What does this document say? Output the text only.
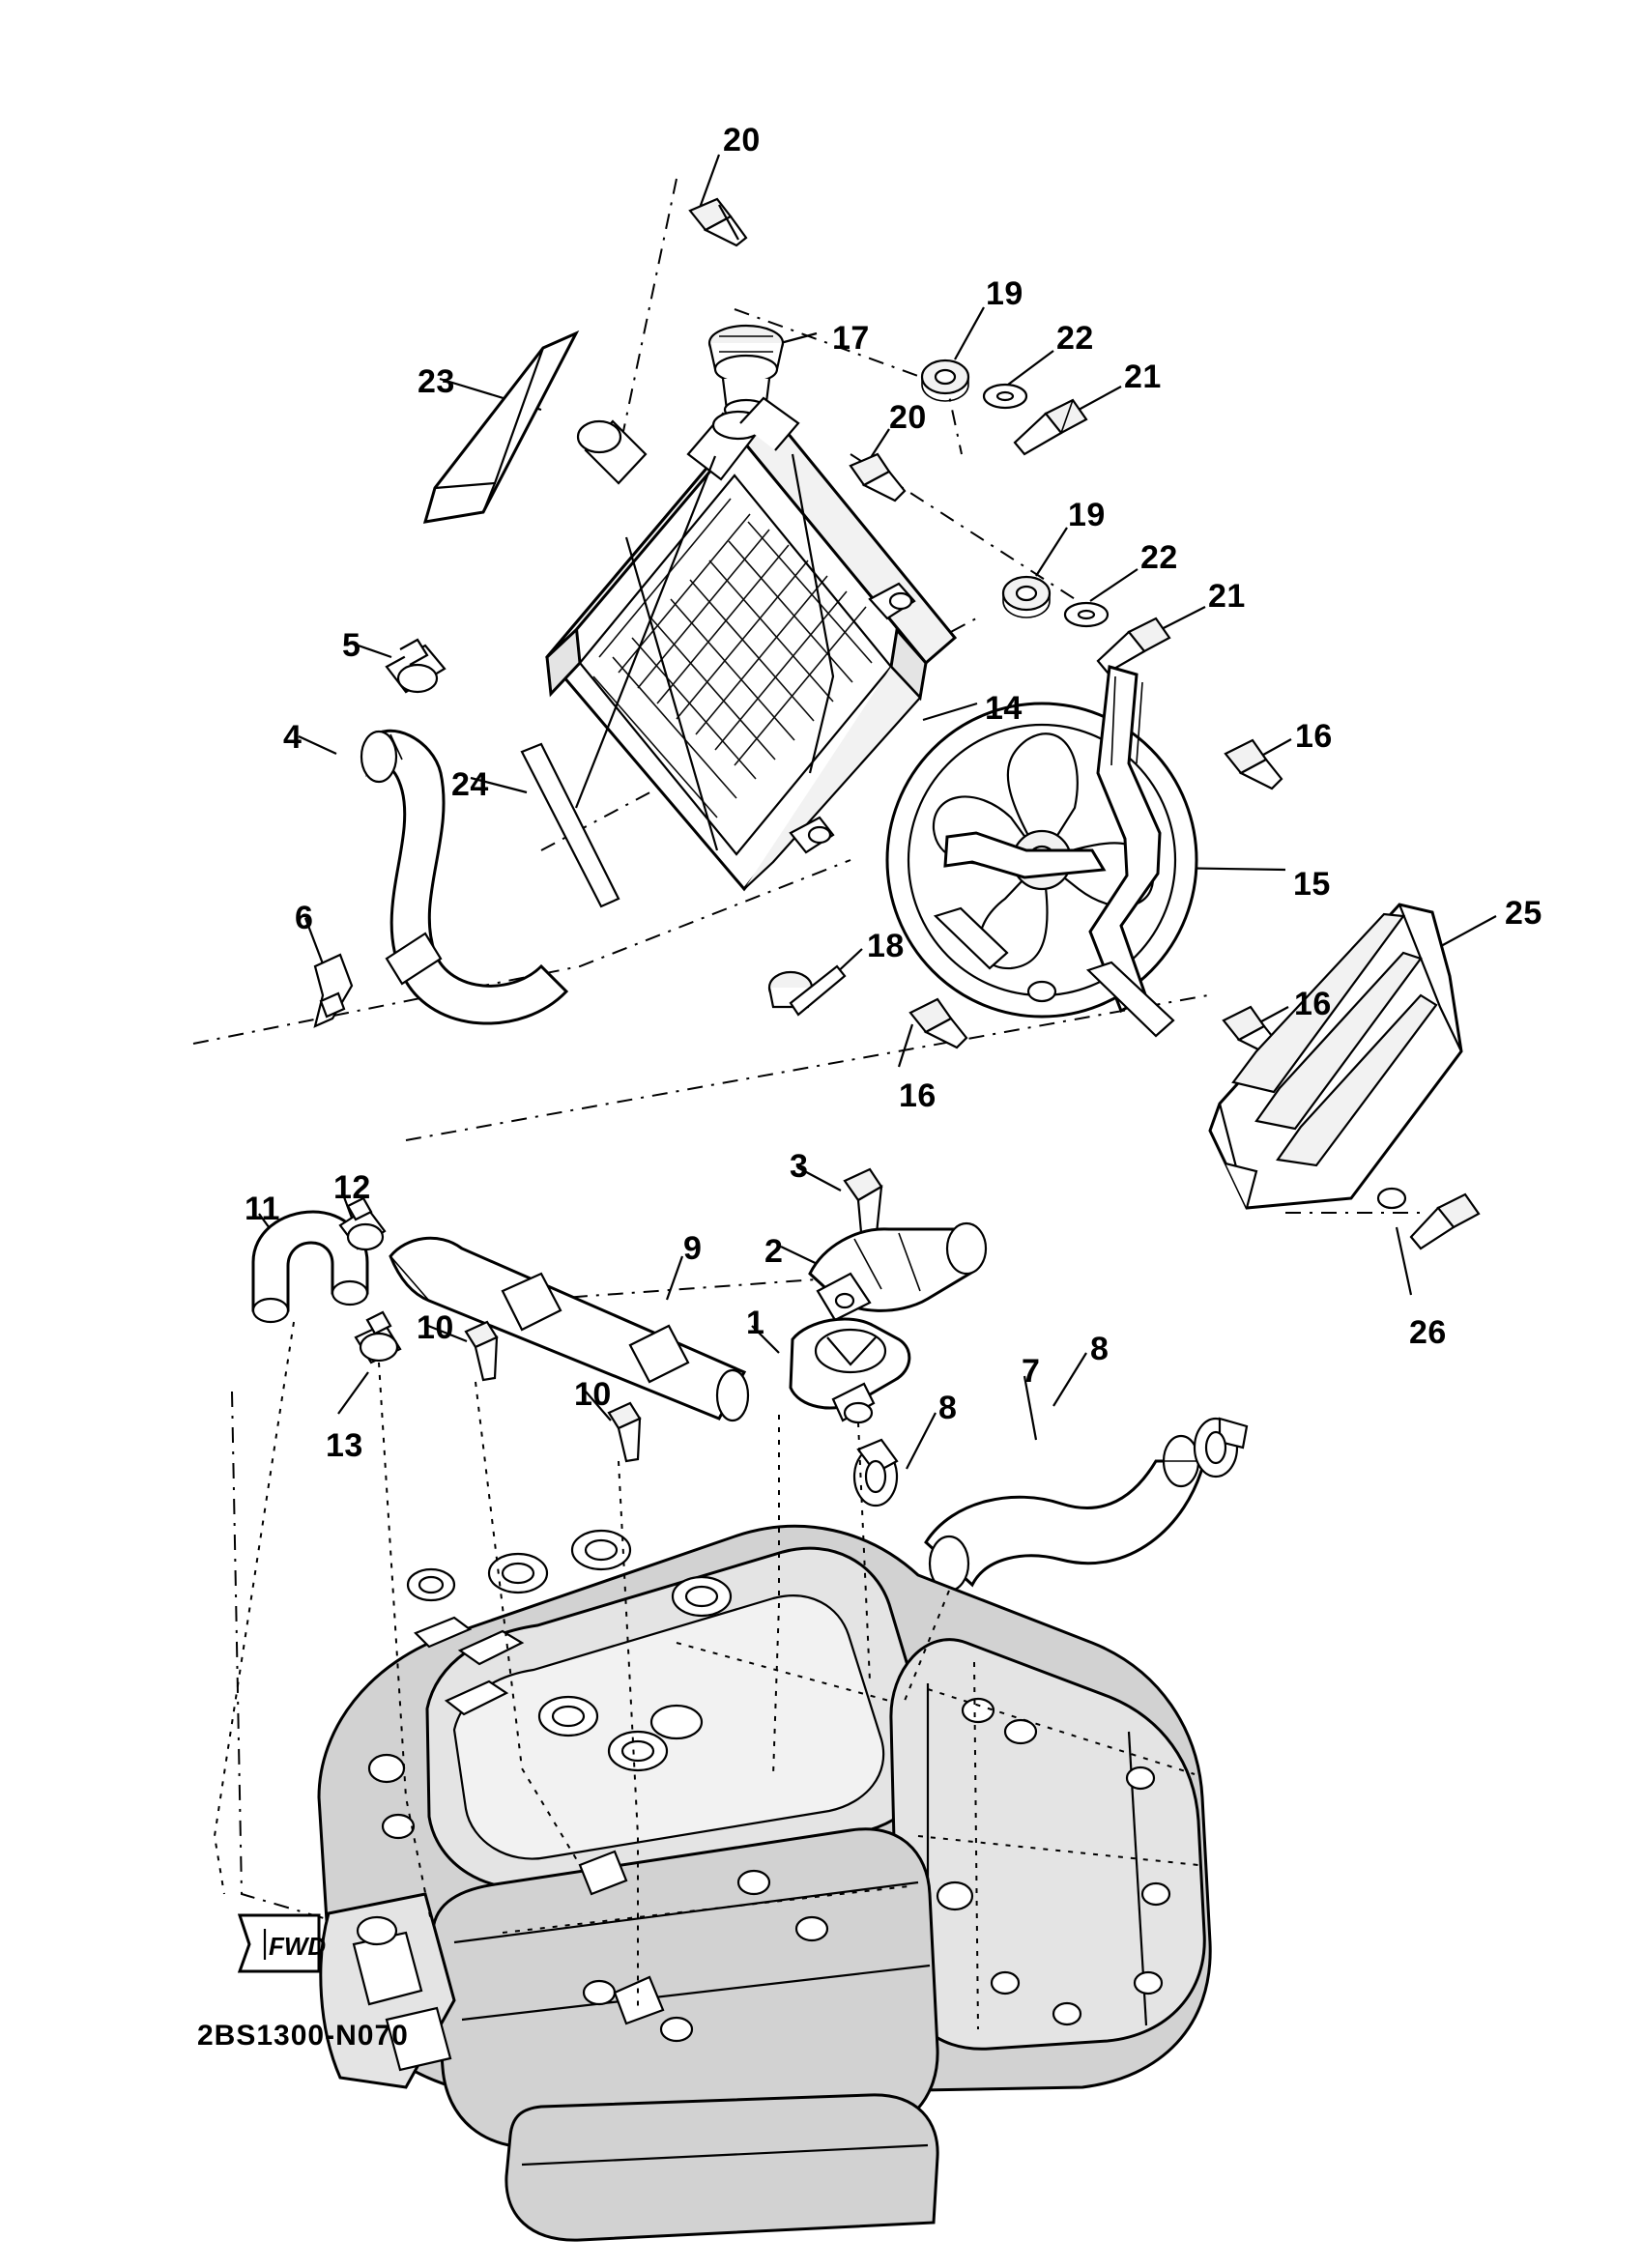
20
17
19
22
21
20
23
19
22
21
14
16
5
4
24
15
25
6
18
16
16
3
2
26
11
12
9
1
10
13
10	8
7
8
FWD
2BS1300-N070
